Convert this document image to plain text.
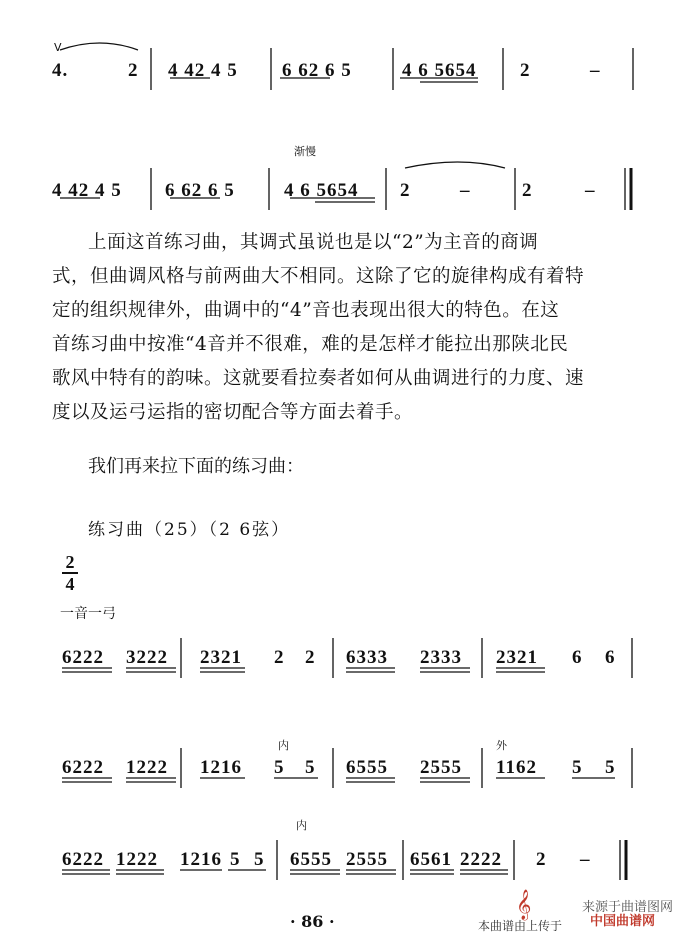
V
4.	2 4 42 4 5 6 62 6 5	4 6 5654 2	–
渐慢
4 42 4 5 6 62 6 5	4 6 5654 2	–	2	–
上面这首练习曲，其调式虽说也是以“2”为主音的商调
式，但曲调风格与前两曲大不相同。这除了它的旋律构成有着特
定的组织规律外，曲调中的“4”音也表现出很大的特色。在这
首练习曲中按准“4音并不很难，难的是怎样才能拉出那陕北民
歌风中特有的韵味。这就要看拉奏者如何从曲调进行的力度、速
度以及运弓运指的密切配合等方面去着手。
我们再来拉下面的练习曲：
练习曲（25）（2 6弦）
2
4
一音一弓
6222 3222 2321 2 2 6333 2333 2321 6 6
内	外
6222 1222 1216 5 5 6555 2555 1162 5 5
内
6222 1222 1216 5 5 6555 2555 6561 2222 2 –
· 86 ·
𝄞	来源于曲谱图网
本曲谱由上传于 中国曲谱网
